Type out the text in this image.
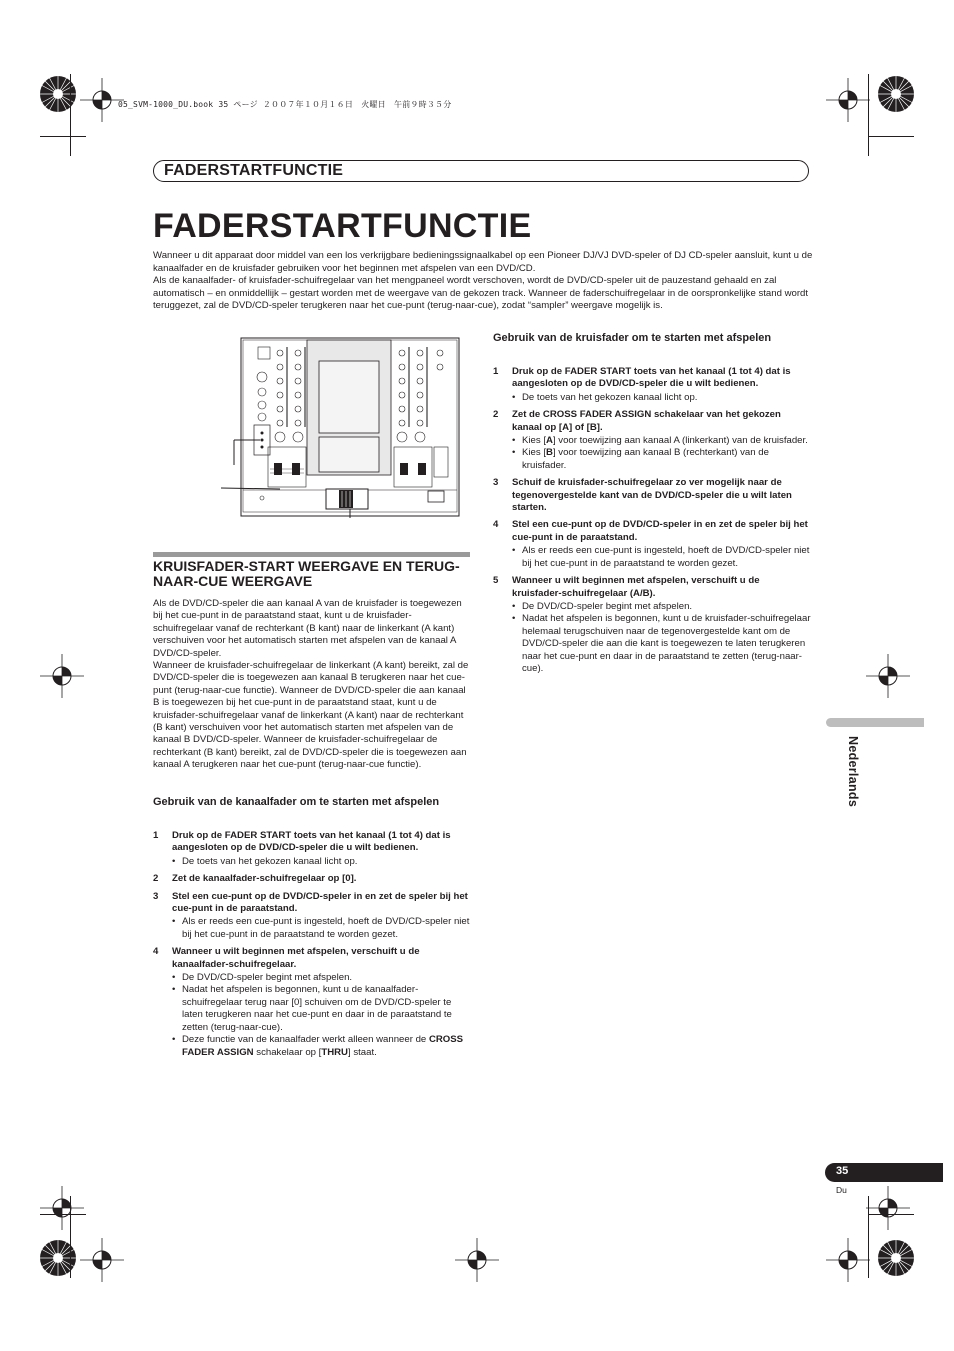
05_SVM-1000_DU.book 35 ページ ２００７年１０月１６日　火曜日　午前９時３５分
FADERSTARTFUNCTIE
FADERSTARTFUNCTIE

Wanneer u dit apparaat door middel van een los verkrijgbare bedieningssignaalkabel op een Pioneer DJ/VJ DVD-speler of DJ CD-speler aansluit, kunt u de kanaalfader en de kruisfader gebruiken voor het beginnen met afspelen van een DVD/CD.

Als de kanaalfader- of kruisfader-schuifregelaar van het mengpaneel wordt verschoven, wordt de DVD/CD-speler uit de pauzestand gehaald en zal automatisch – en onmiddellijk – gestart worden met de weergave van de gekozen track. Wanneer de faderschuifregelaar in de oorspronkelijke stand wordt teruggezet, zal de DVD/CD-speler terugkeren naar het cue-punt (terug-naar-cue), zodat “sampler” weergave mogelijk is.

KRUISFADER-START WEERGAVE EN TERUG-NAAR-CUE WEERGAVE

Als de DVD/CD-speler die aan kanaal A van de kruisfader is toegewezen bij het cue-punt in de paraatstand staat, kunt u de kruisfader-schuifregelaar vanaf de rechterkant (B kant) naar de linkerkant (A kant) verschuiven voor het automatisch starten met afspelen van de kanaal A DVD/CD-speler.

Wanneer de kruisfader-schuifregelaar de linkerkant (A kant) bereikt, zal de DVD/CD-speler die is toegewezen aan kanaal B terugkeren naar het cue-punt (terug-naar-cue functie). Wanneer de DVD/CD-speler die aan kanaal B is toegewezen bij het cue-punt in de paraatstand staat, kunt u de kruisfader-schuifregelaar vanaf de linkerkant (A kant) naar de rechterkant (B kant) verschuiven voor het automatisch starten met afspelen van de kanaal B DVD/CD-speler. Wanneer de kruisfader-schuifregelaar de rechterkant (B kant) bereikt, zal de DVD/CD-speler die is toegewezen aan kanaal A terugkeren naar het cue-punt (terug-naar-cue functie).

Gebruik van de kanaalfader om te starten met afspelen
1	Druk op de FADER START toets van het kanaal (1 tot 4) dat is aangesloten op de DVD/CD-speler die u wilt bedienen.
• De toets van het gekozen kanaal licht op.
2	Zet de kanaalfader-schuifregelaar op [0].
3	Stel een cue-punt op de DVD/CD-speler in en zet de speler bij het cue-punt in de paraatstand.
• Als er reeds een cue-punt is ingesteld, hoeft de DVD/CD-speler niet bij het cue-punt in de paraatstand te worden gezet.
4	Wanneer u wilt beginnen met afspelen, verschuift u de kanaalfader-schuifregelaar.
• De DVD/CD-speler begint met afspelen.
• Nadat het afspelen is begonnen, kunt u de kanaalfader-schuifregelaar terug naar [0] schuiven om de DVD/CD-speler te laten terugkeren naar het cue-punt en daar in de paraatstand te zetten (terug-naar-cue).
• Deze functie van de kanaalfader werkt alleen wanneer de CROSS FADER ASSIGN schakelaar op [THRU] staat.
Gebruik van de kruisfader om te starten met afspelen
1	Druk op de FADER START toets van het kanaal (1 tot 4) dat is aangesloten op de DVD/CD-speler die u wilt bedienen.
• De toets van het gekozen kanaal licht op.
2	Zet de CROSS FADER ASSIGN schakelaar van het gekozen kanaal op [A] of [B].
• Kies [A] voor toewijzing aan kanaal A (linkerkant) van de kruisfader.
• Kies [B] voor toewijzing aan kanaal B (rechterkant) van de kruisfader.
3	Schuif de kruisfader-schuifregelaar zo ver mogelijk naar de tegenovergestelde kant van de DVD/CD-speler die u wilt laten starten.
4	Stel een cue-punt op de DVD/CD-speler in en zet de speler bij het cue-punt in de paraatstand.
• Als er reeds een cue-punt is ingesteld, hoeft de DVD/CD-speler niet bij het cue-punt in de paraatstand te worden gezet.
5	Wanneer u wilt beginnen met afspelen, verschuift u de kruisfader-schuifregelaar (A/B).
• De DVD/CD-speler begint met afspelen.
• Nadat het afspelen is begonnen, kunt u de kruisfader-schuifregelaar helemaal terugschuiven naar de tegenovergestelde kant om de DVD/CD-speler die aan die kant is toegewezen te laten terugkeren naar het cue-punt en daar in de paraatstand te zetten (terug-naar-cue).
Nederlands
35
Du
